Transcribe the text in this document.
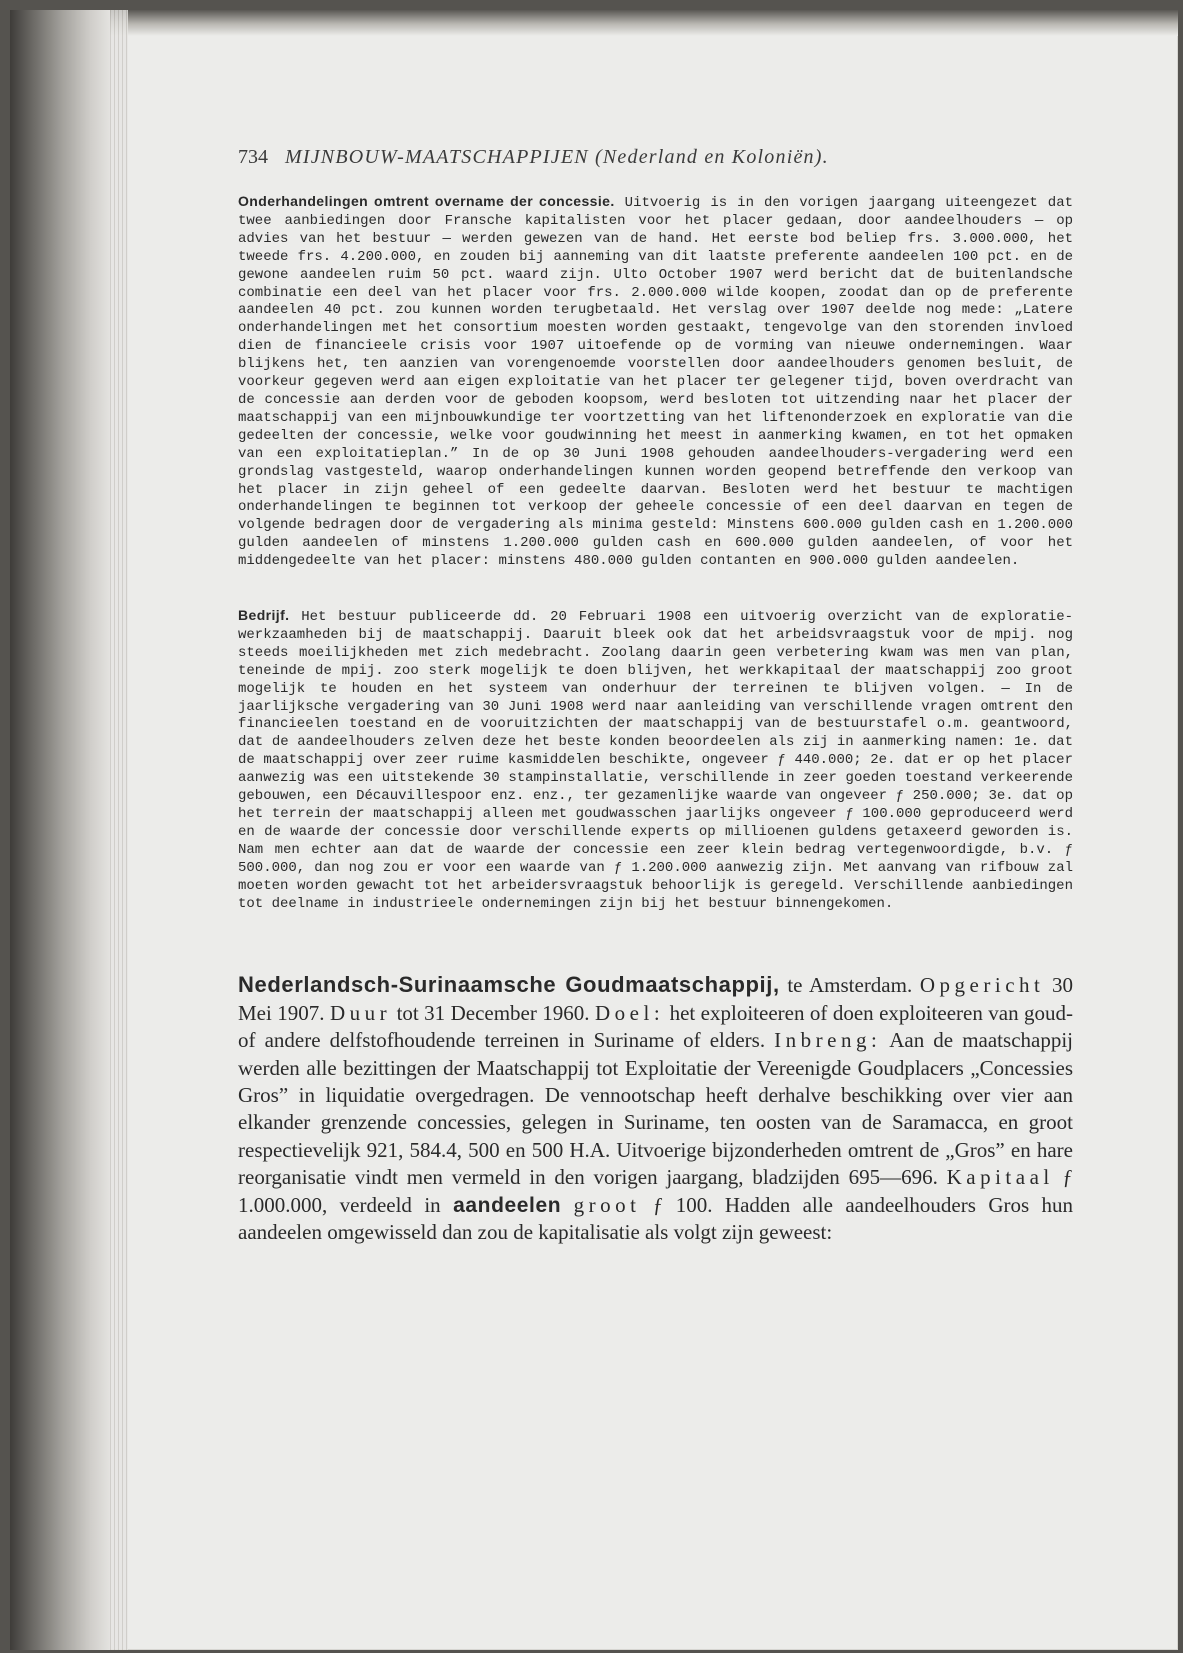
734 MIJNBOUW-MAATSCHAPPIJEN (Nederland en Koloniën).

Onderhandelingen omtrent overname der concessie. Uitvoerig is in den vorigen jaargang uiteengezet dat twee aanbiedingen door Fransche kapitalisten voor het placer gedaan, door aandeelhouders — op advies van het bestuur — werden gewezen van de hand. Het eerste bod beliep frs. 3.000.000, het tweede frs. 4.200.000, en zouden bij aanneming van dit laatste preferente aandeelen 100 pct. en de gewone aandeelen ruim 50 pct. waard zijn. Ulto October 1907 werd bericht dat de buitenlandsche combinatie een deel van het placer voor frs. 2.000.000 wilde koopen, zoodat dan op de preferente aandeelen 40 pct. zou kunnen worden terugbetaald. Het verslag over 1907 deelde nog mede: „Latere onderhandelingen met het consortium moesten worden gestaakt, tengevolge van den storenden invloed dien de financieele crisis voor 1907 uitoefende op de vorming van nieuwe ondernemingen. Waar blijkens het, ten aanzien van vorengenoemde voorstellen door aandeelhouders genomen besluit, de voorkeur gegeven werd aan eigen exploitatie van het placer ter gelegener tijd, boven overdracht van de concessie aan derden voor de geboden koopsom, werd besloten tot uitzending naar het placer der maatschappij van een mijnbouwkundige ter voortzetting van het liftenonderzoek en exploratie van die gedeelten der concessie, welke voor goudwinning het meest in aanmerking kwamen, en tot het opmaken van een exploitatieplan.” In de op 30 Juni 1908 gehouden aandeelhouders-vergadering werd een grondslag vastgesteld, waarop onderhandelingen kunnen worden geopend betreffende den verkoop van het placer in zijn geheel of een gedeelte daarvan. Besloten werd het bestuur te machtigen onderhandelingen te beginnen tot verkoop der geheele concessie of een deel daarvan en tegen de volgende bedragen door de vergadering als minima gesteld: Minstens 600.000 gulden cash en 1.200.000 gulden aandeelen of minstens 1.200.000 gulden cash en 600.000 gulden aandeelen, of voor het middengedeelte van het placer: minstens 480.000 gulden contanten en 900.000 gulden aandeelen.

Bedrijf. Het bestuur publiceerde dd. 20 Februari 1908 een uitvoerig overzicht van de exploratie-werkzaamheden bij de maatschappij. Daaruit bleek ook dat het arbeidsvraagstuk voor de mpij. nog steeds moeilijkheden met zich medebracht. Zoolang daarin geen verbetering kwam was men van plan, teneinde de mpij. zoo sterk mogelijk te doen blijven, het werkkapitaal der maatschappij zoo groot mogelijk te houden en het systeem van onderhuur der terreinen te blijven volgen. — In de jaarlijksche vergadering van 30 Juni 1908 werd naar aanleiding van verschillende vragen omtrent den financieelen toestand en de vooruitzichten der maatschappij van de bestuurstafel o.m. geantwoord, dat de aandeelhouders zelven deze het beste konden beoordeelen als zij in aanmerking namen: 1e. dat de maatschappij over zeer ruime kasmiddelen beschikte, ongeveer ƒ 440.000; 2e. dat er op het placer aanwezig was een uitstekende 30 stampinstallatie, verschillende in zeer goeden toestand verkeerende gebouwen, een Décauvillespoor enz. enz., ter gezamenlijke waarde van ongeveer ƒ 250.000; 3e. dat op het terrein der maatschappij alleen met goudwasschen jaarlijks ongeveer ƒ 100.000 geproduceerd werd en de waarde der concessie door verschillende experts op millioenen guldens getaxeerd geworden is. Nam men echter aan dat de waarde der concessie een zeer klein bedrag vertegenwoordigde, b.v. ƒ 500.000, dan nog zou er voor een waarde van ƒ 1.200.000 aanwezig zijn. Met aanvang van rifbouw zal moeten worden gewacht tot het arbeidersvraagstuk behoorlijk is geregeld. Verschillende aanbiedingen tot deelname in industrieele ondernemingen zijn bij het bestuur binnengekomen.

Nederlandsch-Surinaamsche Goudmaatschappij, te Amsterdam. Opgericht 30 Mei 1907. Duur tot 31 December 1960. Doel: het exploiteeren of doen exploiteeren van goud- of andere delfstofhoudende terreinen in Suriname of elders. Inbreng: Aan de maatschappij werden alle bezittingen der Maatschappij tot Exploitatie der Vereenigde Goudplacers „Concessies Gros” in liquidatie overgedragen. De vennootschap heeft derhalve beschikking over vier aan elkander grenzende concessies, gelegen in Suriname, ten oosten van de Saramacca, en groot respectievelijk 921, 584.4, 500 en 500 H.A. Uitvoerige bijzonderheden omtrent de „Gros” en hare reorganisatie vindt men vermeld in den vorigen jaargang, bladzijden 695—696. Kapitaal ƒ 1.000.000, verdeeld in aandeelen groot ƒ 100. Hadden alle aandeelhouders Gros hun aandeelen omgewisseld dan zou de kapitalisatie als volgt zijn geweest:
